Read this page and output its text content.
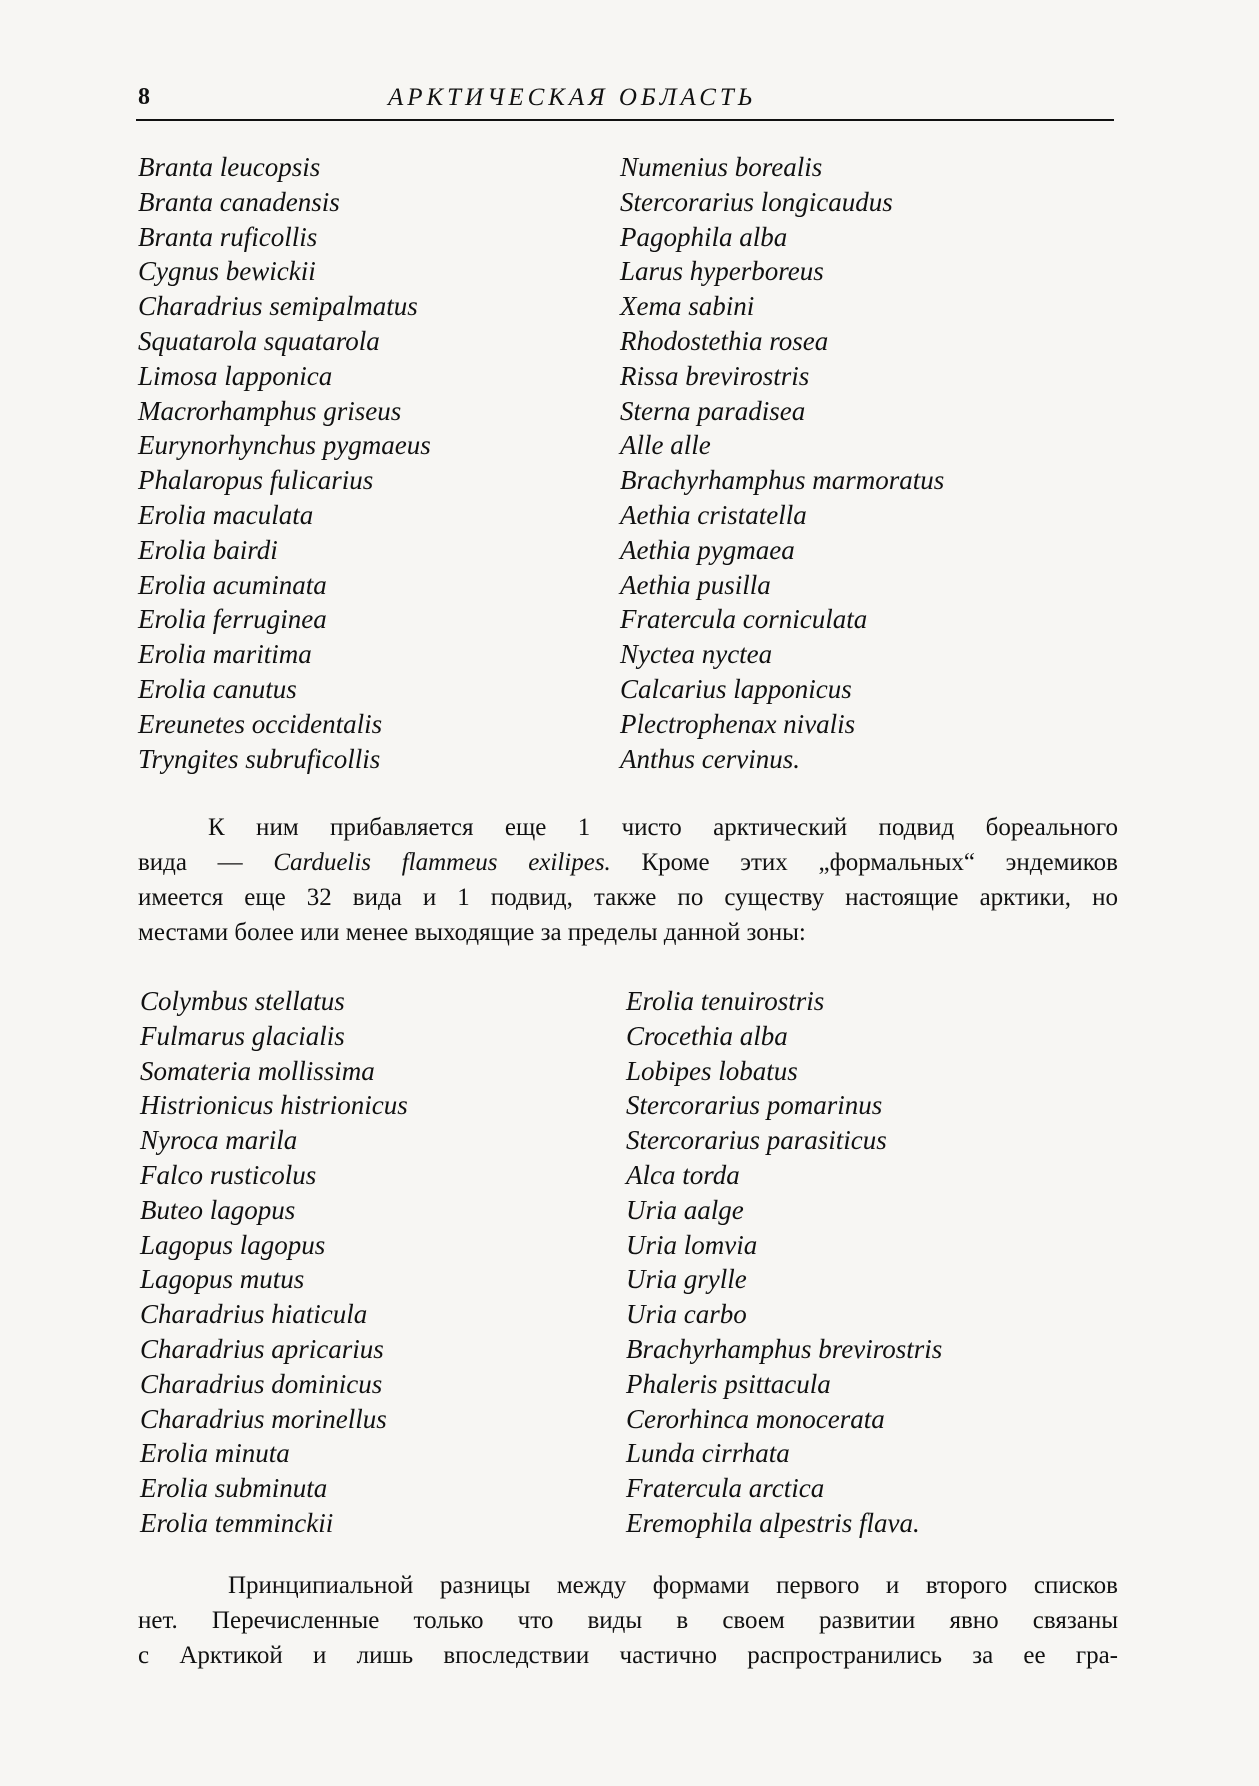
8	АРКТИЧЕСКАЯ ОБЛАСТЬ
Branta leucopsis
Branta canadensis
Branta ruficollis
Cygnus bewickii
Charadrius semipalmatus
Squatarola squatarola
Limosa lapponica
Macrorhamphus griseus
Eurynorhynchus pygmaeus
Phalaropus fulicarius
Erolia maculata
Erolia bairdi
Erolia acuminata
Erolia ferruginea
Erolia maritima
Erolia canutus
Ereunetes occidentalis
Tryngites subruficollis
Numenius borealis
Stercorarius longicaudus
Pagophila alba
Larus hyperboreus
Xema sabini
Rhodostethia rosea
Rissa brevirostris
Sterna paradisea
Alle alle
Brachyrhamphus marmoratus
Aethia cristatella
Aethia pygmaea
Aethia pusilla
Fratercula corniculata
Nyctea nyctea
Calcarius lapponicus
Plectrophenax nivalis
Anthus cervinus.

К ним прибавляется еще 1 чисто арктический подвид бореального
вида — Carduelis flammeus exilipes. Кроме этих „формальных“ эндемиков
имеется еще 32 вида и 1 подвид, также по существу настоящие арктики, но
местами более или менее выходящие за пределы данной зоны:

Colymbus stellatus
Fulmarus glacialis
Somateria mollissima
Histrionicus histrionicus
Nyroca marila
Falco rusticolus
Buteo lagopus
Lagopus lagopus
Lagopus mutus
Charadrius hiaticula
Charadrius apricarius
Charadrius dominicus
Charadrius morinellus
Erolia minuta
Erolia subminuta
Erolia temminckii
Erolia tenuirostris
Crocethia alba
Lobipes lobatus
Stercorarius pomarinus
Stercorarius parasiticus
Alca torda
Uria aalge
Uria lomvia
Uria grylle
Uria carbo
Brachyrhamphus brevirostris
Phaleris psittacula
Cerorhinca monocerata
Lunda cirrhata
Fratercula arctica
Eremophila alpestris flava.

Принципиальной разницы между формами первого и второго списков
нет. Перечисленные только что виды в своем развитии явно связаны
с Арктикой и лишь впоследствии частично распространились за ее гра-
